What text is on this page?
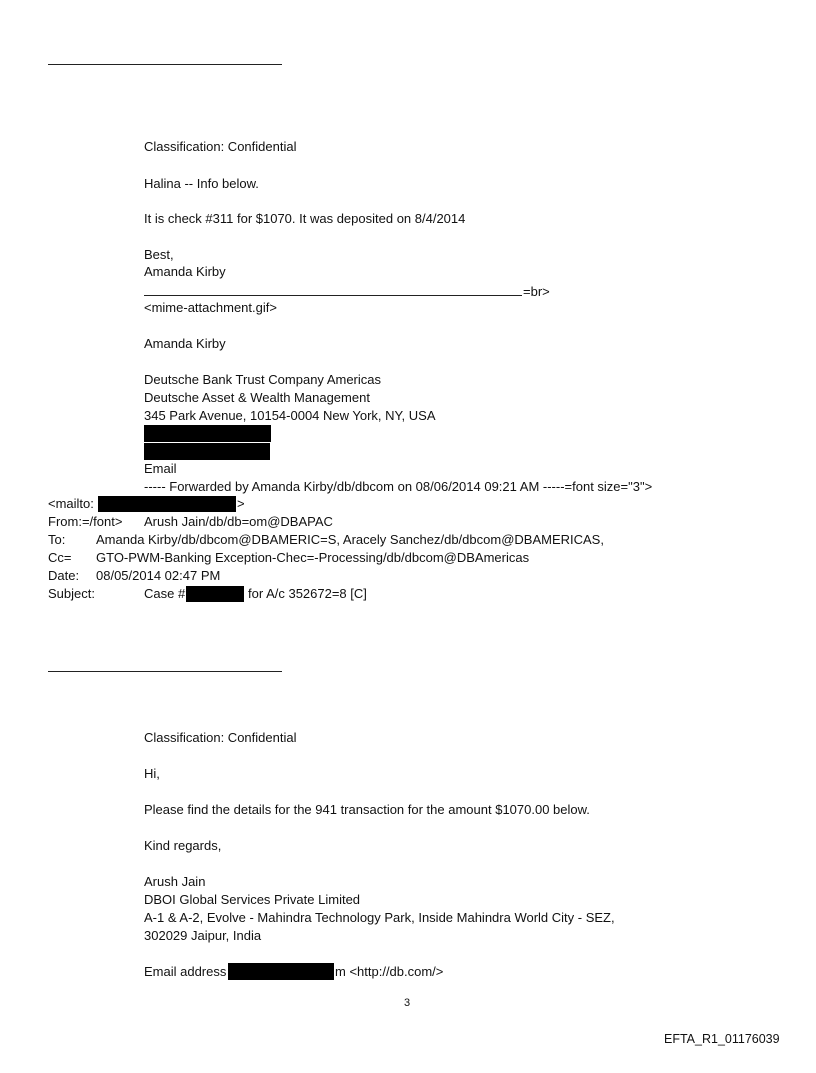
Classification: Confidential
Halina -- Info below.
It is check #311 for $1070. It was deposited on 8/4/2014
Best,
Amanda Kirby
=br>
<mime-attachment.gif>
Amanda Kirby
Deutsche Bank Trust Company Americas
Deutsche Asset & Wealth Management
345 Park Avenue, 10154-0004 New York, NY, USA
Email
----- Forwarded by Amanda Kirby/db/dbcom on 08/06/2014 09:21 AM -----=font size="3">
<mailto:	>
From:=/font> Arush Jain/db/db=om@DBAPAC
To: Amanda Kirby/db/dbcom@DBAMERIC=S, Aracely Sanchez/db/dbcom@DBAMERICAS,
Cc= GTO-PWM-Banking Exception-Chec=-Processing/db/dbcom@DBAmericas
Date: 08/05/2014 02:47 PM
Subject:	Case #	for A/c 352672=8 [C]
Classification: Confidential
Hi,
Please find the details for the 941 transaction for the amount $1070.00 below.
Kind regards,
Arush Jain
DBOI Global Services Private Limited
A-1 & A-2, Evolve - Mahindra Technology Park, Inside Mahindra World City - SEZ,
302029 Jaipur, India
Email address	m <http://db.com/>
3
EFTA_R1_01176039
